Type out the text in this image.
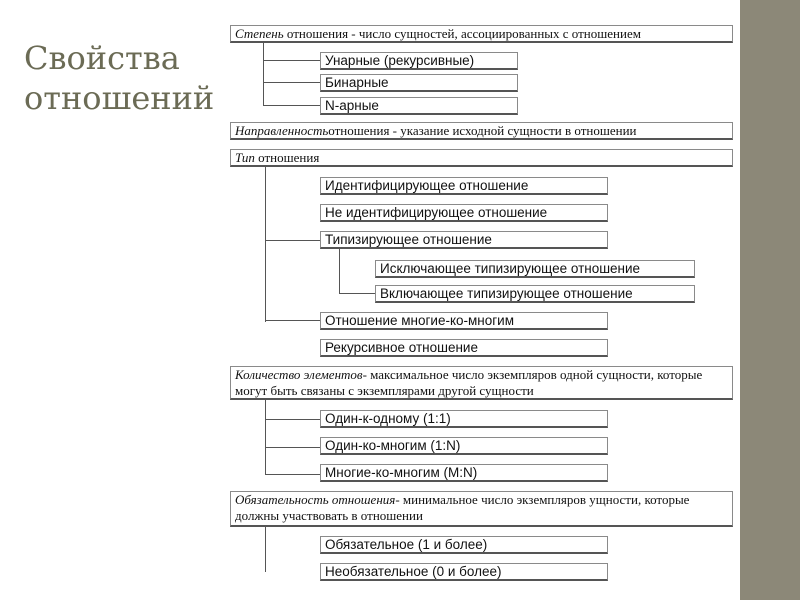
Свойства
отношений
Степень отношения - число сущностей, ассоциированных с отношением
Унарные (рекурсивные)
Бинарные
N-арные
Направленностьотношения - указание исходной сущности в отношении
Тип отношения
Идентифицирующее отношение
Не идентифицирующее отношение
Типизирующее отношение
Исключающее типизирующее отношение
Включающее типизирующее отношение
Отношение многие-ко-многим
Рекурсивное отношение
Количество элементов- максимальное число экземпляров одной сущности, которые могут быть связаны с экземплярами другой сущности
Один-к-одному (1:1)
Один-ко-многим (1:N)
Многие-ко-многим (M:N)
Обязательность отношения- минимальное число экземпляров ущности, которые должны участвовать в отношении
Обязательное (1 и более)
Необязательное (0 и более)
